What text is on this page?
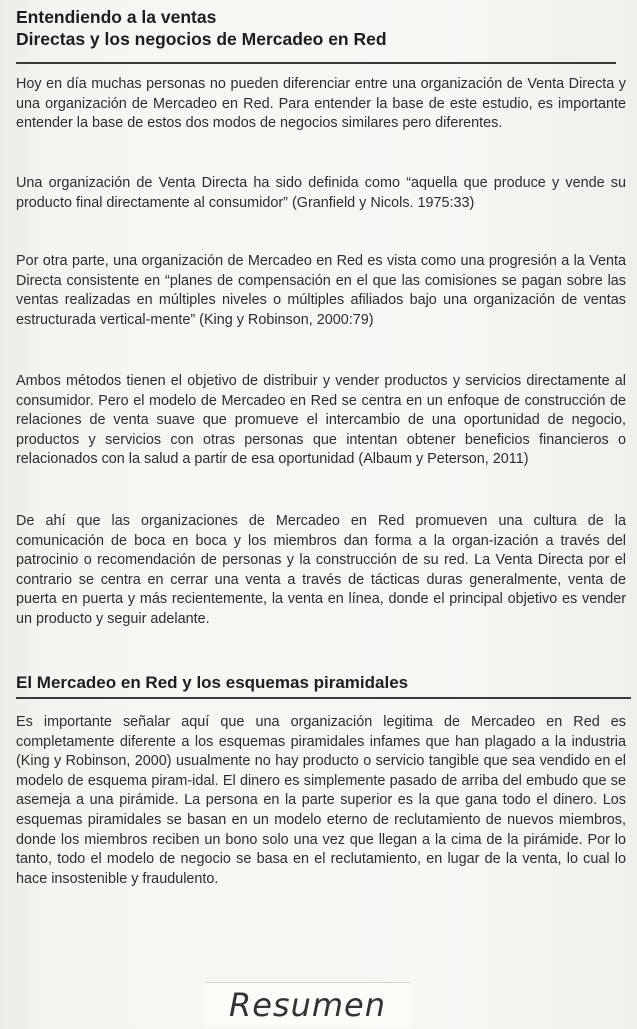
Entendiendo a la ventas
Directas y los negocios de Mercadeo en Red
Hoy en día muchas personas no pueden diferenciar entre una organización de Venta Directa y una organización de Mercadeo en Red. Para entender la base de este estudio, es importante entender la base de estos dos modos de negocios similares pero diferentes.
Una organización de Venta Directa ha sido definida como “aquella que produce y vende su producto final directamente al consumidor” (Granfield y Nicols. 1975:33)
Por otra parte, una organización de Mercadeo en Red es vista como una progresión a la Venta Directa consistente en “planes de compensación en el que las comisiones se pagan sobre las ventas realizadas en múltiples niveles o múltiples afiliados bajo una organización de ventas estructurada vertical-mente” (King y Robinson, 2000:79)
Ambos métodos tienen el objetivo de distribuir y vender productos y servicios directamente al consumidor. Pero el modelo de Mercadeo en Red se centra en un enfoque de construcción de relaciones de venta suave que promueve el intercambio de una oportunidad de negocio, productos y servicios con otras personas que intentan obtener beneficios financieros o relacionados con la salud a partir de esa oportunidad (Albaum y Peterson, 2011)
De ahí que las organizaciones de Mercadeo en Red promueven una cultura de la comunicación de boca en boca y los miembros dan forma a la organ-ización a través del patrocinio o recomendación de personas y la construcción de su red. La Venta Directa por el contrario se centra en cerrar una venta a través de tácticas duras generalmente, venta de puerta en puerta y más recientemente, la venta en línea, donde el principal objetivo es vender un producto y seguir adelante.
El Mercadeo en Red y los esquemas piramidales
Es importante señalar aquí que una organización legitima de Mercadeo en Red es completamente diferente a los esquemas piramidales infames que han plagado a la industria (King y Robinson, 2000) usualmente no hay producto o servicio tangible que sea vendido en el modelo de esquema piram-idal. El dinero es simplemente pasado de arriba del embudo que se asemeja a una pirámide. La persona en la parte superior es la que gana todo el dinero. Los esquemas piramidales se basan en un modelo eterno de reclutamiento de nuevos miembros, donde los miembros reciben un bono solo una vez que llegan a la cima de la pirámide. Por lo tanto, todo el modelo de negocio se basa en el reclutamiento, en lugar de la venta, lo cual lo hace insostenible y fraudulento.
Resumen
